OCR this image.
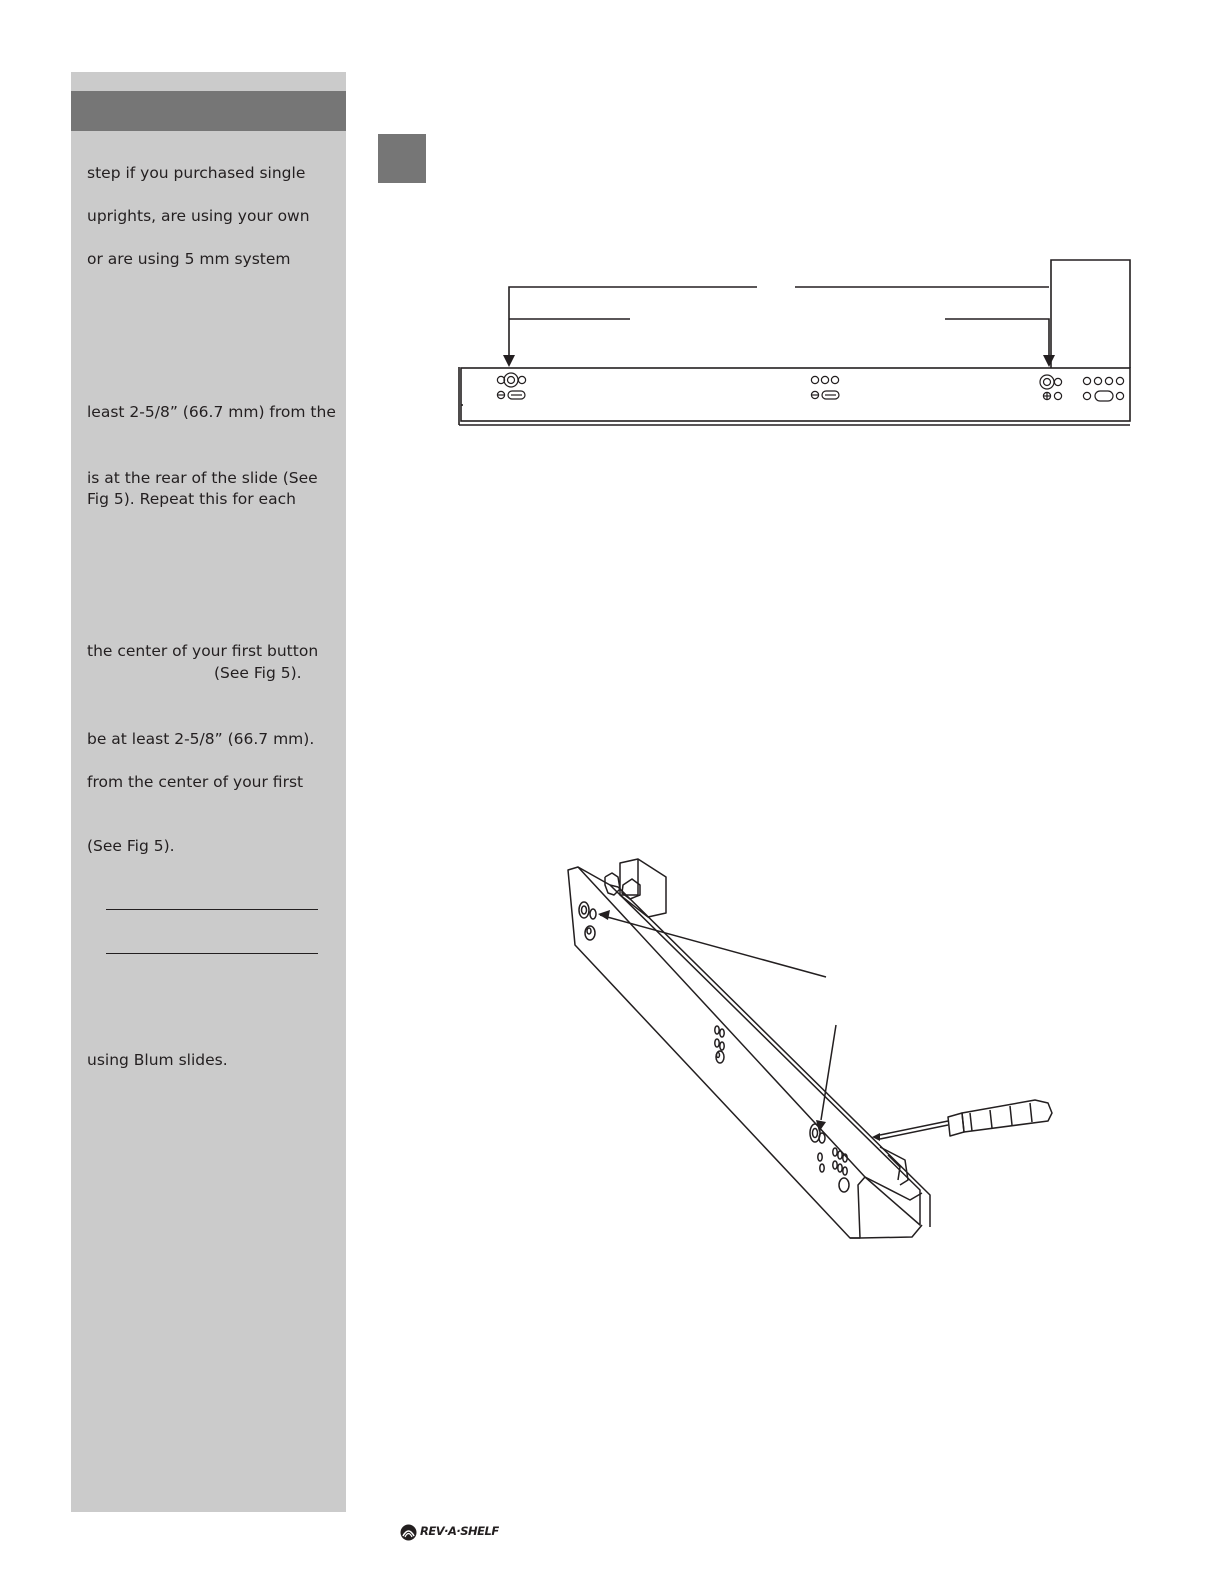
step if you purchased single
uprights, are using your own
or are using 5 mm system
least 2-5/8” (66.7 mm) from the
is at the rear of the slide (See
Fig 5). Repeat this for each
the center of your first button
(See Fig 5).
be at least 2-5/8” (66.7 mm).
from the center of your first
(See Fig 5).
using Blum slides.
REV·A·SHELF
